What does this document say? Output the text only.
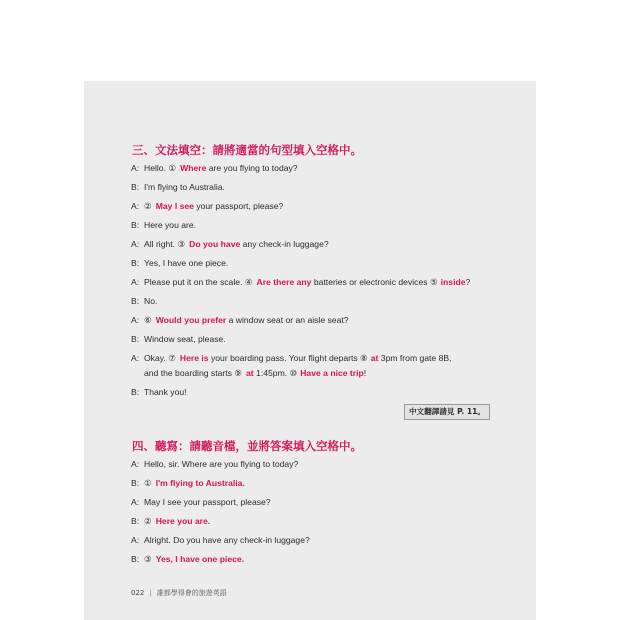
三、文法填空：請將適當的句型填入空格中。
A: Hello. ① Where are you flying to today?
B: I'm flying to Australia.
A: ② May I see your passport, please?
B: Here you are.
A: All right. ③ Do you have any check-in luggage?
B: Yes, I have one piece.
A: Please put it on the scale. ④ Are there any batteries or electronic devices ⑤ inside?
B: No.
A: ⑥ Would you prefer a window seat or an aisle seat?
B: Window seat, please.
A: Okay. ⑦ Here is your boarding pass. Your flight departs ⑧ at 3pm from gate 8B,
and the boarding starts ⑨ at 1:45pm. ⑩ Have a nice trip!
B: Thank you!
中文翻譯請見 P. 11。
四、聽寫：請聽音檔，並將答案填入空格中。
A: Hello, sir. Where are you flying to today?
B: ① I'm flying to Australia.
A: May I see your passport, please?
B: ② Here you are.
A: Alright. Do you have any check-in luggage?
B: ③ Yes, I have one piece.
022 | 誰都學得會的旅遊英語
